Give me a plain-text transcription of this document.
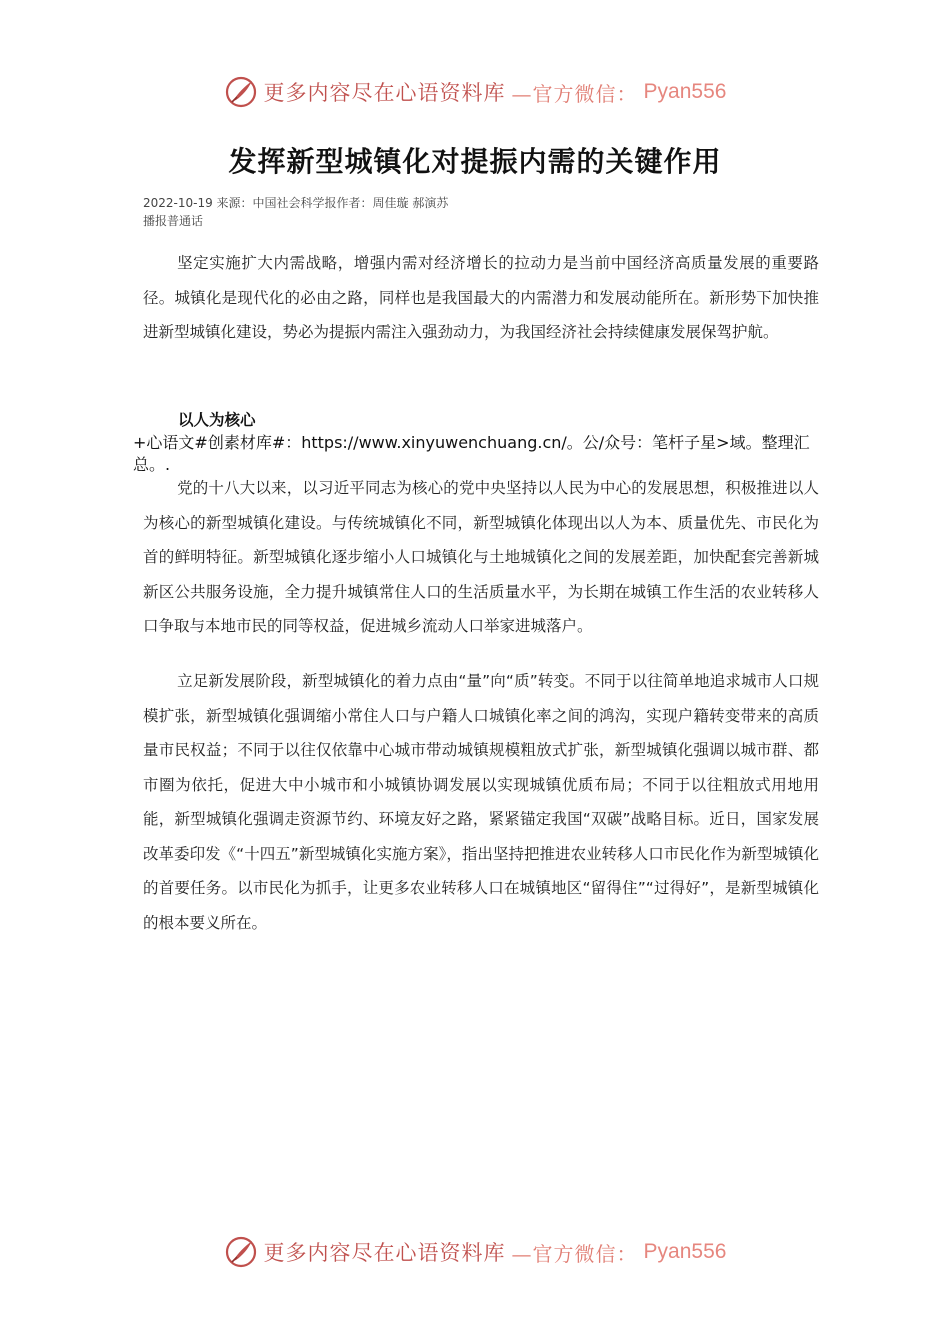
更多内容尽在心语资料库 —官方微信： Pyan556
发挥新型城镇化对提振内需的关键作用
2022-10-19 来源：中国社会科学报作者：周佳璇 郝演苏
播报普通话

坚定实施扩大内需战略，增强内需对经济增长的拉动力是当前中国经济高质量发展的重要路径。城镇化是现代化的必由之路，同样也是我国最大的内需潜力和发展动能所在。新形势下加快推进新型城镇化建设，势必为提振内需注入强劲动力，为我国经济社会持续健康发展保驾护航。

以人为核心

+心语文#创素材库#：https://www.xinyuwenchuang.cn/。公/众号：笔杆子星>域。整理汇总。.

党的十八大以来，以习近平同志为核心的党中央坚持以人民为中心的发展思想，积极推进以人为核心的新型城镇化建设。与传统城镇化不同，新型城镇化体现出以人为本、质量优先、市民化为首的鲜明特征。新型城镇化逐步缩小人口城镇化与土地城镇化之间的发展差距，加快配套完善新城新区公共服务设施，全力提升城镇常住人口的生活质量水平，为长期在城镇工作生活的农业转移人口争取与本地市民的同等权益，促进城乡流动人口举家进城落户。

立足新发展阶段，新型城镇化的着力点由“量”向“质”转变。不同于以往简单地追求城市人口规模扩张，新型城镇化强调缩小常住人口与户籍人口城镇化率之间的鸿沟，实现户籍转变带来的高质量市民权益；不同于以往仅依靠中心城市带动城镇规模粗放式扩张，新型城镇化强调以城市群、都市圈为依托，促进大中小城市和小城镇协调发展以实现城镇优质布局；不同于以往粗放式用地用能，新型城镇化强调走资源节约、环境友好之路，紧紧锚定我国“双碳”战略目标。近日，国家发展改革委印发《“十四五”新型城镇化实施方案》，指出坚持把推进农业转移人口市民化作为新型城镇化的首要任务。以市民化为抓手，让更多农业转移人口在城镇地区“留得住”“过得好”，是新型城镇化的根本要义所在。

更多内容尽在心语资料库 —官方微信： Pyan556
